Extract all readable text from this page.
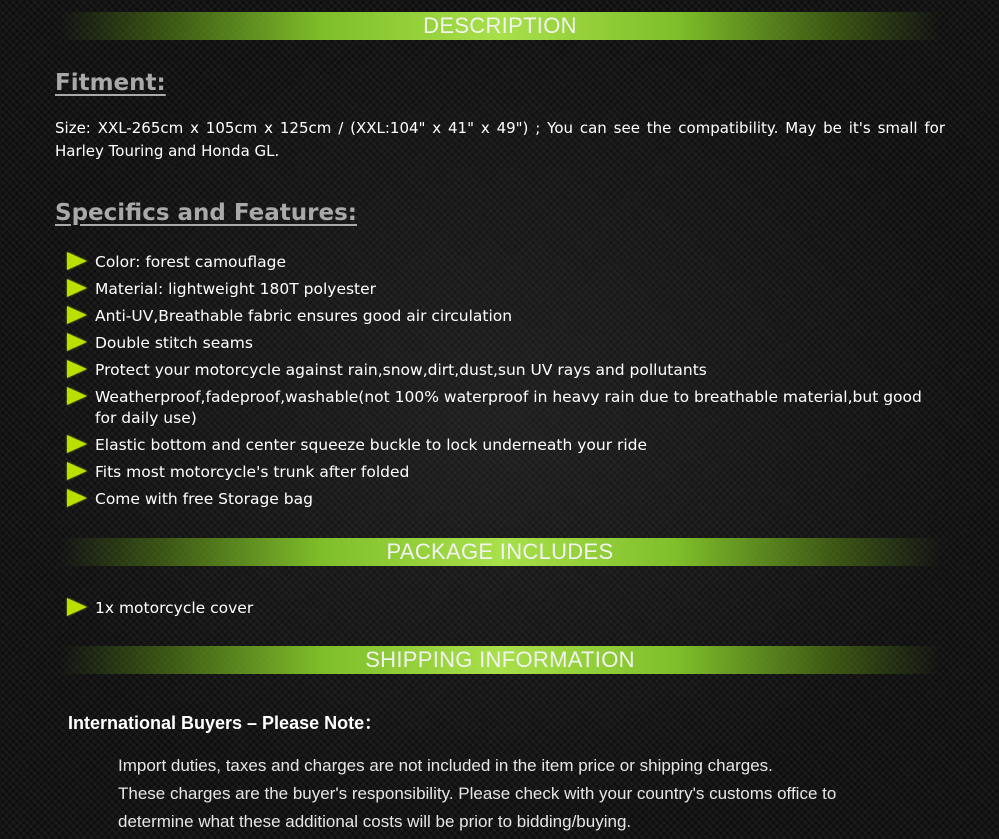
DESCRIPTION
Fitment:

Size: XXL-265cm x 105cm x 125cm / (XXL:104" x 41" x 49") ; You can see the compatibility. May be it's small for Harley Touring and Honda GL.

Specifics and Features:
Color: forest camouflage
Material: lightweight 180T polyester
Anti-UV,Breathable fabric ensures good air circulation
Double stitch seams
Protect your motorcycle against rain,snow,dirt,dust,sun UV rays and pollutants
Weatherproof,fadeproof,washable(not 100% waterproof in heavy rain due to breathable material,but good for daily use)
Elastic bottom and center squeeze buckle to lock underneath your ride
Fits most motorcycle's trunk after folded
Come with free Storage bag
PACKAGE INCLUDES
1x motorcycle cover
SHIPPING INFORMATION
International Buyers – Please Note：

Import duties, taxes and charges are not included in the item price or shipping charges.
These charges are the buyer's responsibility. Please check with your country's customs office to
determine what these additional costs will be prior to bidding/buying.
